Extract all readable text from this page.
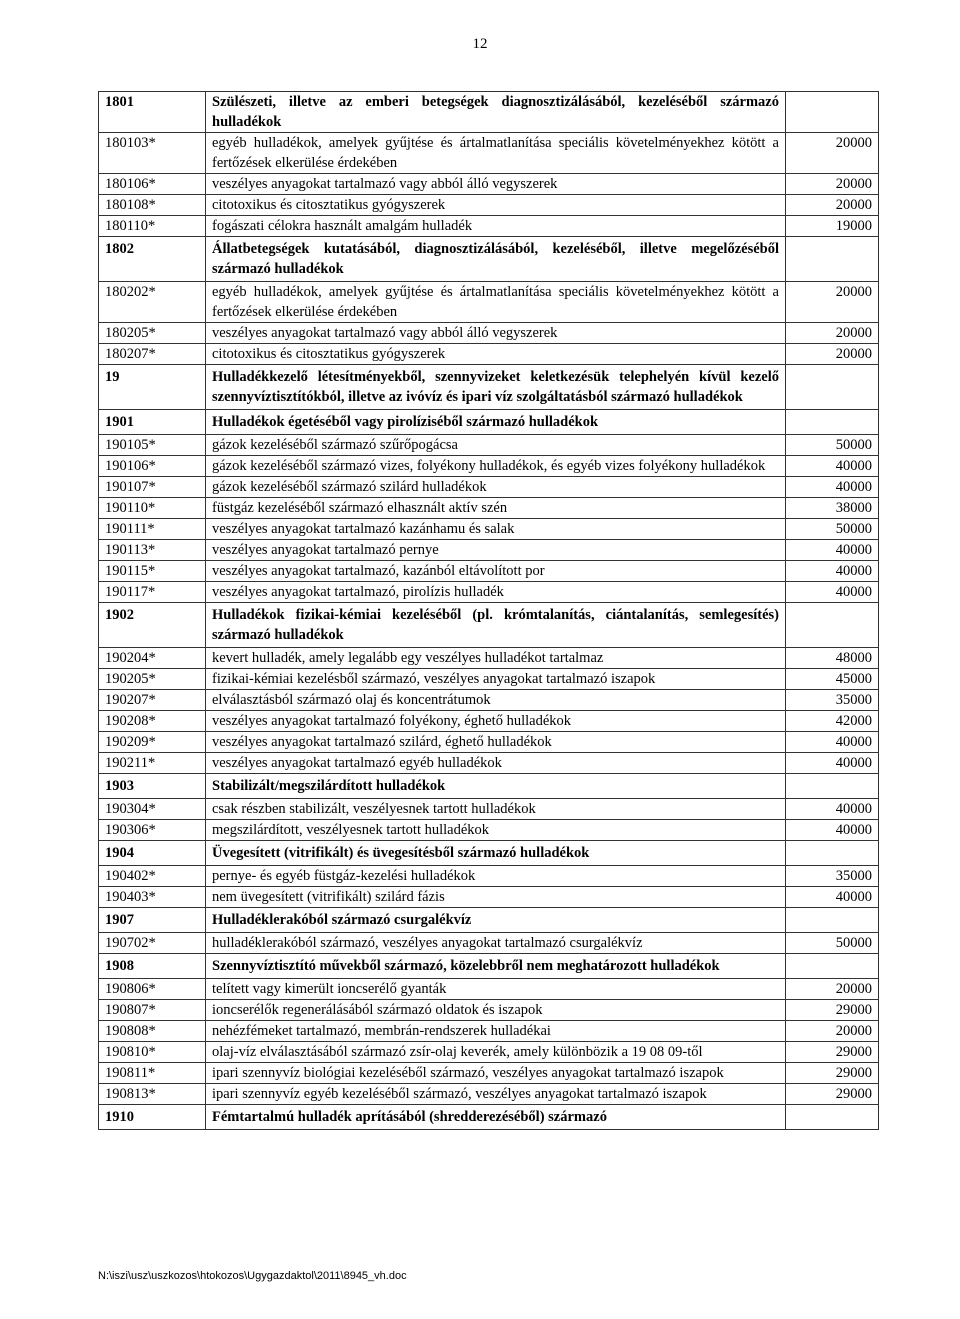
12
1801	Szülészeti, illetve az emberi betegségek diagnosztizálásából, kezeléséből származó hulladékok	
180103*	egyéb hulladékok, amelyek gyűjtése és ártalmatlanítása speciális követelményekhez kötött a fertőzések elkerülése érdekében	20000
180106*	veszélyes anyagokat tartalmazó vagy abból álló vegyszerek	20000
180108*	citotoxikus és citosztatikus gyógyszerek	20000
180110*	fogászati célokra használt amalgám hulladék	19000
1802	Állatbetegségek kutatásából, diagnosztizálásából, kezeléséből, illetve megelőzéséből származó hulladékok	
180202*	egyéb hulladékok, amelyek gyűjtése és ártalmatlanítása speciális követelményekhez kötött a fertőzések elkerülése érdekében	20000
180205*	veszélyes anyagokat tartalmazó vagy abból álló vegyszerek	20000
180207*	citotoxikus és citosztatikus gyógyszerek	20000
19	Hulladékkezelő létesítményekből, szennyvizeket keletkezésük telephelyén kívül kezelő szennyvíztisztítókból, illetve az ivóvíz és ipari víz szolgáltatásból származó hulladékok	
1901	Hulladékok égetéséből vagy pirolíziséből származó hulladékok	
190105*	gázok kezeléséből származó szűrőpogácsa	50000
190106*	gázok kezeléséből származó vizes, folyékony hulladékok, és egyéb vizes folyékony hulladékok	40000
190107*	gázok kezeléséből származó szilárd hulladékok	40000
190110*	füstgáz kezeléséből származó elhasznált aktív szén	38000
190111*	veszélyes anyagokat tartalmazó kazánhamu és salak	50000
190113*	veszélyes anyagokat tartalmazó pernye	40000
190115*	veszélyes anyagokat tartalmazó, kazánból eltávolított por	40000
190117*	veszélyes anyagokat tartalmazó, pirolízis hulladék	40000
1902	Hulladékok fizikai-kémiai kezeléséből (pl. krómtalanítás, ciántalanítás, semlegesítés) származó hulladékok	
190204*	kevert hulladék, amely legalább egy veszélyes hulladékot tartalmaz	48000
190205*	fizikai-kémiai kezelésből származó, veszélyes anyagokat tartalmazó iszapok	45000
190207*	elválasztásból származó olaj és koncentrátumok	35000
190208*	veszélyes anyagokat tartalmazó folyékony, éghető hulladékok	42000
190209*	veszélyes anyagokat tartalmazó szilárd, éghető hulladékok	40000
190211*	veszélyes anyagokat tartalmazó egyéb hulladékok	40000
1903	Stabilizált/megszilárdított hulladékok	
190304*	csak részben stabilizált, veszélyesnek tartott hulladékok	40000
190306*	megszilárdított, veszélyesnek tartott hulladékok	40000
1904	Üvegesített (vitrifikált) és üvegesítésből származó hulladékok	
190402*	pernye- és egyéb füstgáz-kezelési hulladékok	35000
190403*	nem üvegesített (vitrifikált) szilárd fázis	40000
1907	Hulladéklerakóból származó csurgalékvíz	
190702*	hulladéklerakóból származó, veszélyes anyagokat tartalmazó csurgalékvíz	50000
1908	Szennyvíztisztító művekből származó, közelebbről nem meghatározott hulladékok	
190806*	telített vagy kimerült ioncserélő gyanták	20000
190807*	ioncserélők regenerálásából származó oldatok és iszapok	29000
190808*	nehézfémeket tartalmazó, membrán-rendszerek hulladékai	20000
190810*	olaj-víz elválasztásából származó zsír-olaj keverék, amely különbözik a 19 08 09-től	29000
190811*	ipari szennyvíz biológiai kezeléséből származó, veszélyes anyagokat tartalmazó iszapok	29000
190813*	ipari szennyvíz egyéb kezeléséből származó, veszélyes anyagokat tartalmazó iszapok	29000
1910	Fémtartalmú hulladék aprításából (shredderezéséből) származó	
N:\iszi\usz\uszkozos\htokozos\Ugygazdaktol\2011\8945_vh.doc
